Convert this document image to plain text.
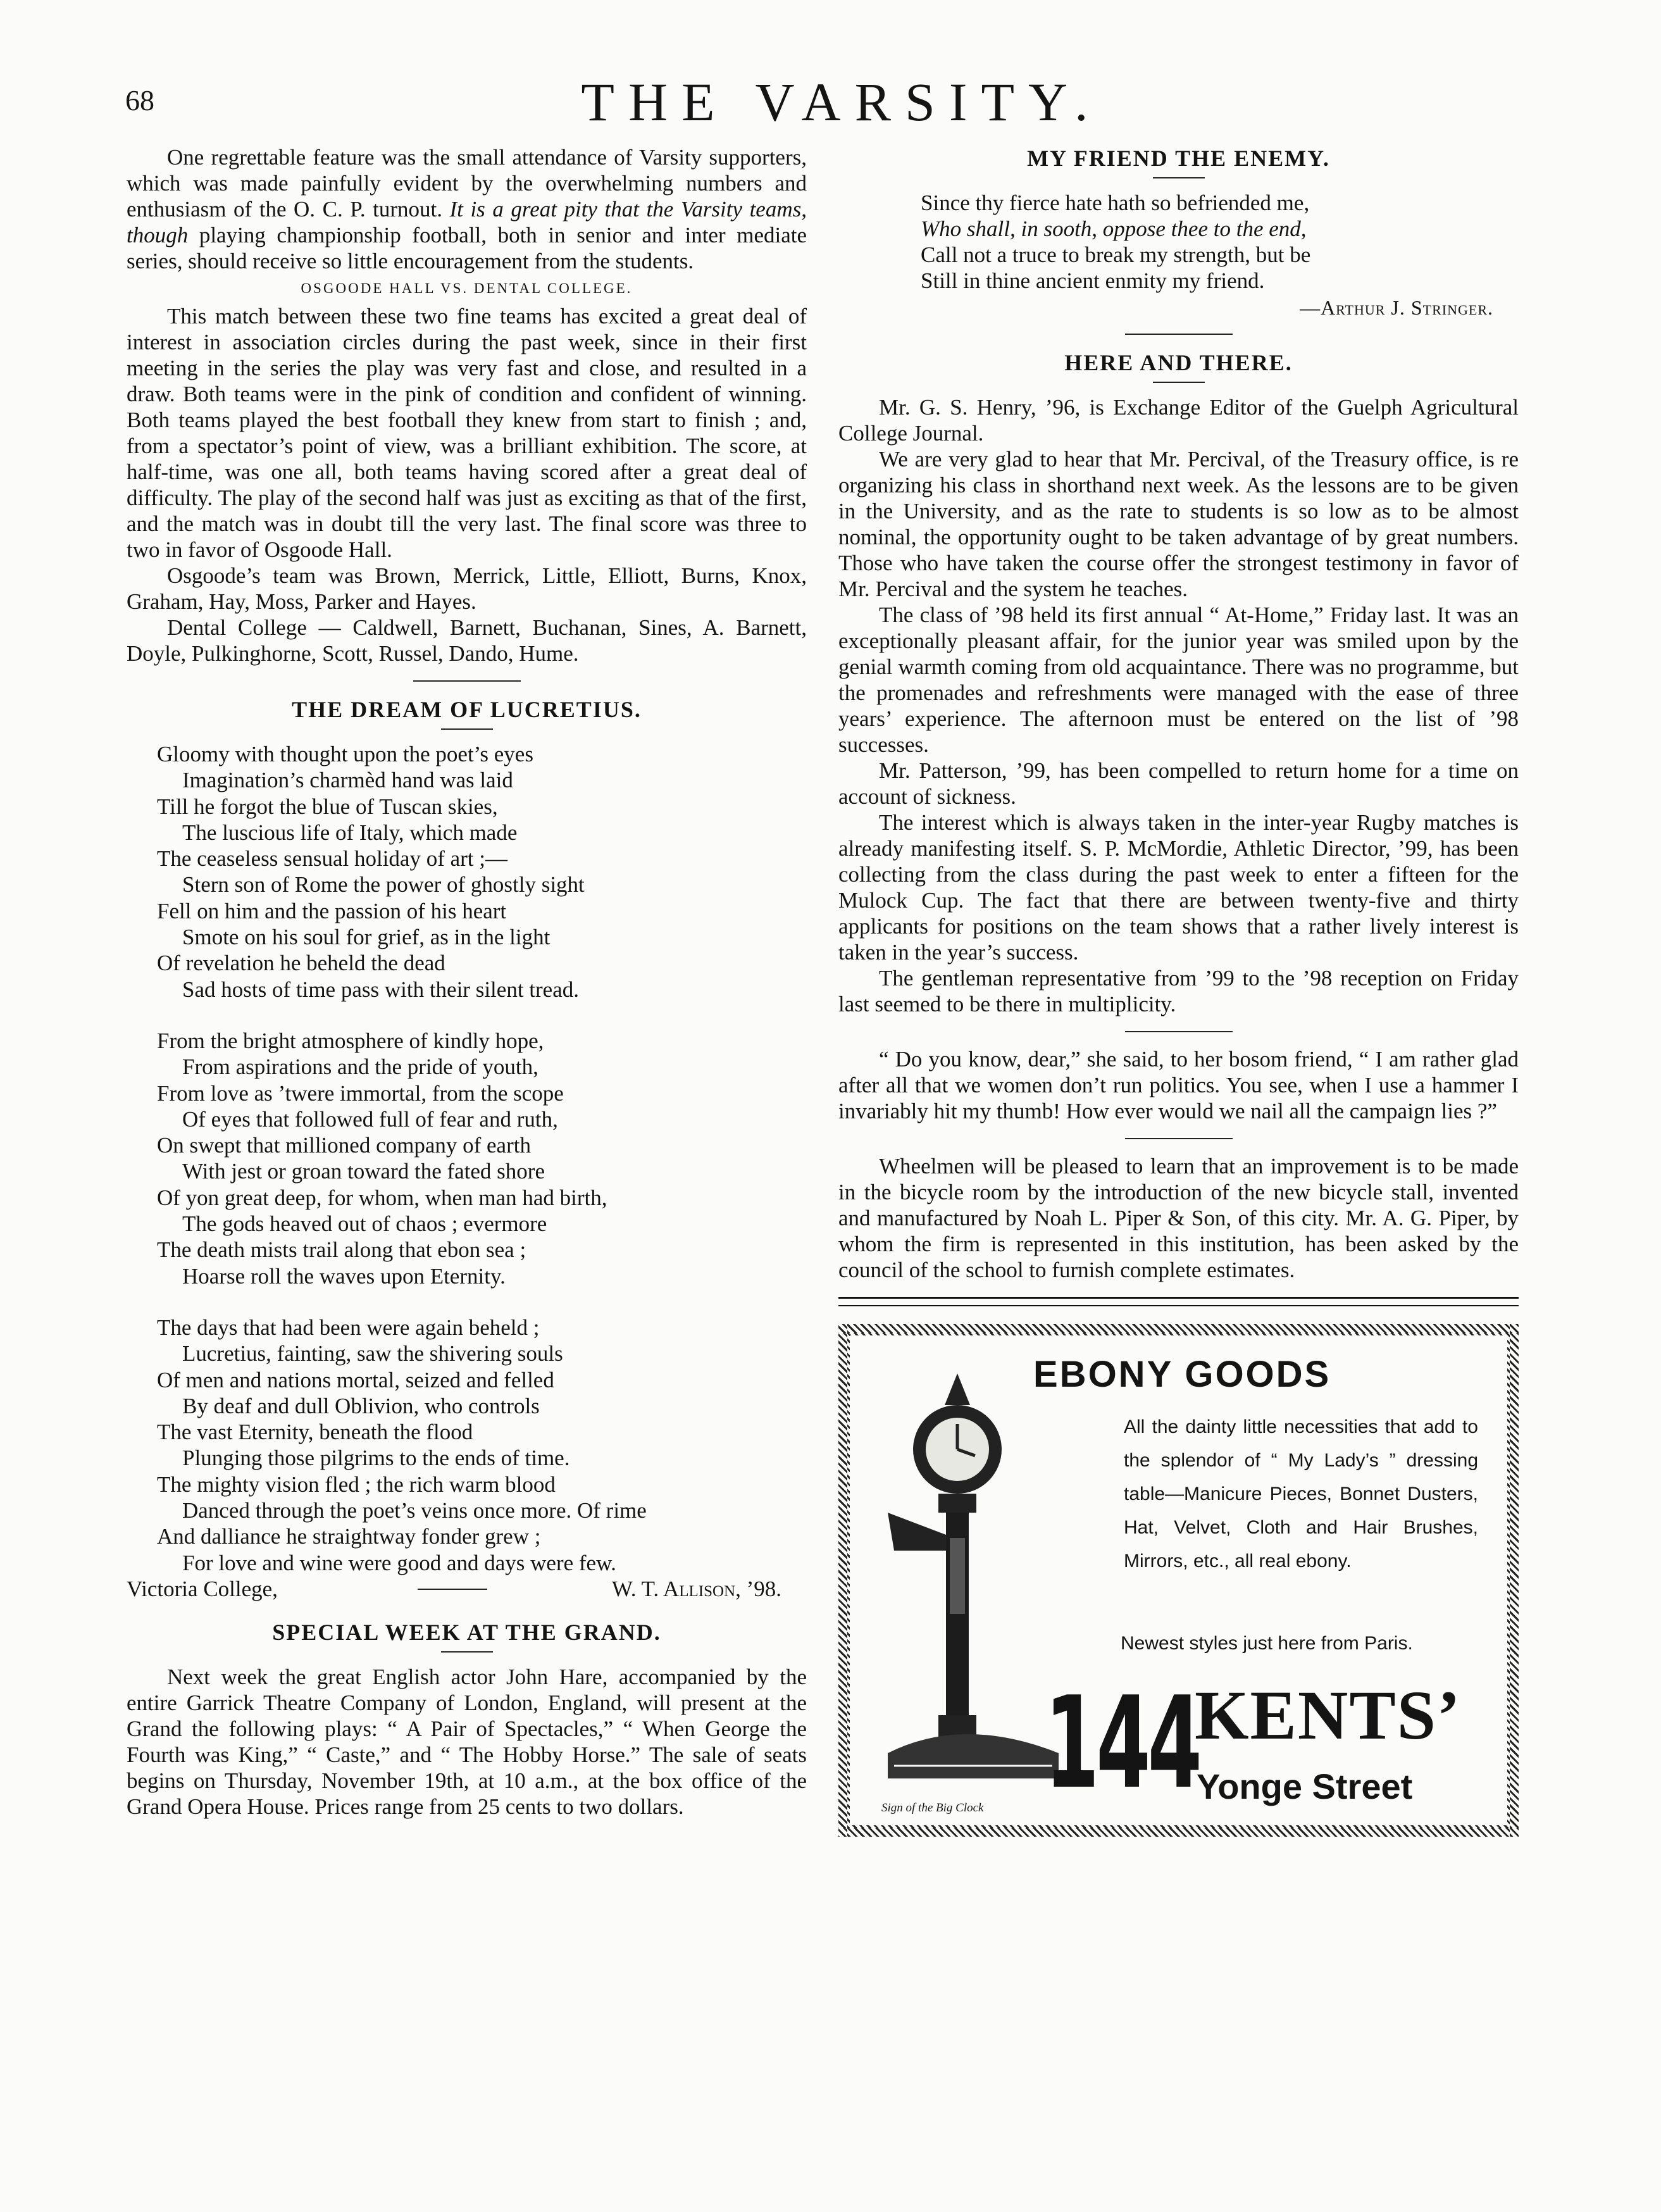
68	THE VARSITY.

One regrettable feature was the small attendance of Varsity supporters, which was made painfully evident by the overwhelming numbers and enthusiasm of the O. C. P. turnout. It is a great pity that the Varsity teams, though playing championship football, both in senior and inter mediate series, should receive so little encouragement from the students.

OSGOODE HALL VS. DENTAL COLLEGE.

This match between these two fine teams has excited a great deal of interest in association circles during the past week, since in their first meeting in the series the play was very fast and close, and resulted in a draw. Both teams were in the pink of condition and confident of winning. Both teams played the best football they knew from start to finish ; and, from a spectator’s point of view, was a brilliant exhibition. The score, at half-time, was one all, both teams having scored after a great deal of difficulty. The play of the second half was just as exciting as that of the first, and the match was in doubt till the very last. The final score was three to two in favor of Osgoode Hall.

Osgoode’s team was Brown, Merrick, Little, Elliott, Burns, Knox, Graham, Hay, Moss, Parker and Hayes.

Dental College — Caldwell, Barnett, Buchanan, Sines, A. Barnett, Doyle, Pulkinghorne, Scott, Russel, Dando, Hume.

THE DREAM OF LUCRETIUS.
Gloomy with thought upon the poet’s eyes
Imagination’s charmèd hand was laid
Till he forgot the blue of Tuscan skies,
The luscious life of Italy, which made
The ceaseless sensual holiday of art ;—
Stern son of Rome the power of ghostly sight
Fell on him and the passion of his heart
Smote on his soul for grief, as in the light
Of revelation he beheld the dead
Sad hosts of time pass with their silent tread.
From the bright atmosphere of kindly hope,
From aspirations and the pride of youth,
From love as ’twere immortal, from the scope
Of eyes that followed full of fear and ruth,
On swept that millioned company of earth
With jest or groan toward the fated shore
Of yon great deep, for whom, when man had birth,
The gods heaved out of chaos ; evermore
The death mists trail along that ebon sea ;
Hoarse roll the waves upon Eternity.
The days that had been were again beheld ;
Lucretius, fainting, saw the shivering souls
Of men and nations mortal, seized and felled
By deaf and dull Oblivion, who controls
The vast Eternity, beneath the flood
Plunging those pilgrims to the ends of time.
The mighty vision fled ; the rich warm blood
Danced through the poet’s veins once more. Of rime
And dalliance he straightway fonder grew ;
For love and wine were good and days were few.
Victoria College,	W. T. Allison, ’98.
SPECIAL WEEK AT THE GRAND.

Next week the great English actor John Hare, accompanied by the entire Garrick Theatre Company of London, England, will present at the Grand the following plays: “ A Pair of Spectacles,” “ When George the Fourth was King,” “ Caste,” and “ The Hobby Horse.” The sale of seats begins on Thursday, November 19th, at 10 a.m., at the box office of the Grand Opera House. Prices range from 25 cents to two dollars.

MY FRIEND THE ENEMY.
Since thy fierce hate hath so befriended me,
Who shall, in sooth, oppose thee to the end,
Call not a truce to break my strength, but be
Still in thine ancient enmity my friend.
—Arthur J. Stringer.
HERE AND THERE.

Mr. G. S. Henry, ’96, is Exchange Editor of the Guelph Agricultural College Journal.

We are very glad to hear that Mr. Percival, of the Treasury office, is re organizing his class in shorthand next week. As the lessons are to be given in the University, and as the rate to students is so low as to be almost nominal, the opportunity ought to be taken advantage of by great numbers. Those who have taken the course offer the strongest testimony in favor of Mr. Percival and the system he teaches.

The class of ’98 held its first annual “ At-Home,” Friday last. It was an exceptionally pleasant affair, for the junior year was smiled upon by the genial warmth coming from old acquaintance. There was no programme, but the promenades and refreshments were managed with the ease of three years’ experience. The afternoon must be entered on the list of ’98 successes.

Mr. Patterson, ’99, has been compelled to return home for a time on account of sickness.

The interest which is always taken in the inter-year Rugby matches is already manifesting itself. S. P. McMordie, Athletic Director, ’99, has been collecting from the class during the past week to enter a fifteen for the Mulock Cup. The fact that there are between twenty-five and thirty applicants for positions on the team shows that a rather lively interest is taken in the year’s success.

The gentleman representative from ’99 to the ’98 reception on Friday last seemed to be there in multiplicity.

“ Do you know, dear,” she said, to her bosom friend, “ I am rather glad after all that we women don’t run politics. You see, when I use a hammer I invariably hit my thumb! How ever would we nail all the campaign lies ?”

Wheelmen will be pleased to learn that an improvement is to be made in the bicycle room by the introduction of the new bicycle stall, invented and manufactured by Noah L. Piper & Son, of this city. Mr. A. G. Piper, by whom the firm is represented in this institution, has been asked by the council of the school to furnish complete estimates.

EBONY GOODS
All the dainty little necessities that add to the splendor of “ My Lady’s ” dressing table—Manicure Pieces, Bonnet Dusters, Hat, Velvet, Cloth and Hair Brushes, Mirrors, etc., all real ebony.
Newest styles just here from Paris.
144
KENTS’
Yonge Street
Sign of the Big Clock
